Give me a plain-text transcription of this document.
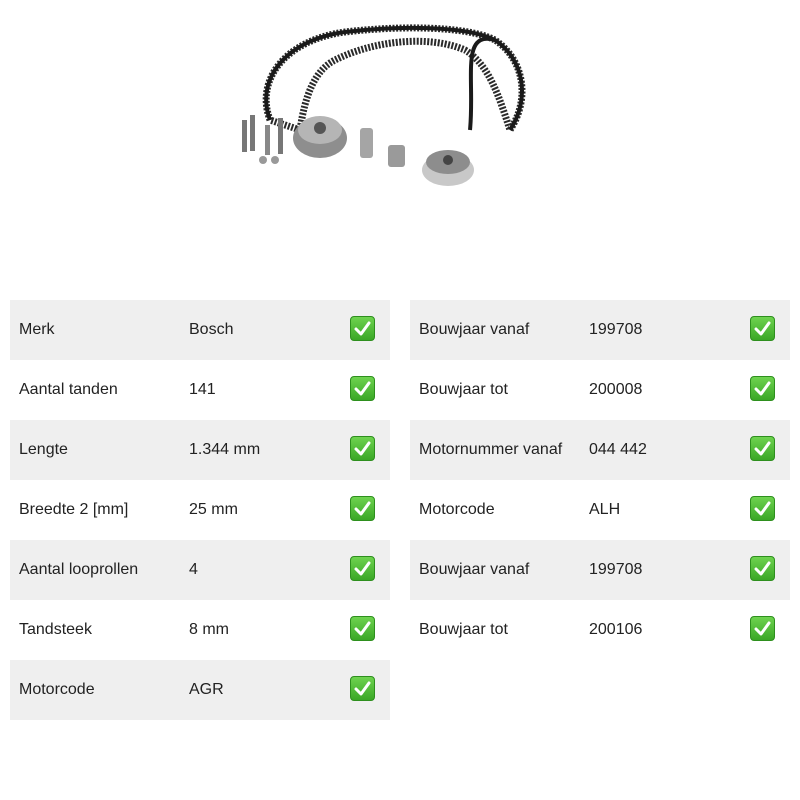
Merk	Bosch
Aantal tanden	141
Lengte	1.344 mm
Breedte 2 [mm]	25 mm
Aantal looprollen	4
Tandsteek	8 mm
Motorcode	AGR
Bouwjaar vanaf	199708
Bouwjaar tot	200008
Motornummer vanaf 044 442
Motorcode	ALH
Bouwjaar vanaf	199708
Bouwjaar tot	200106
